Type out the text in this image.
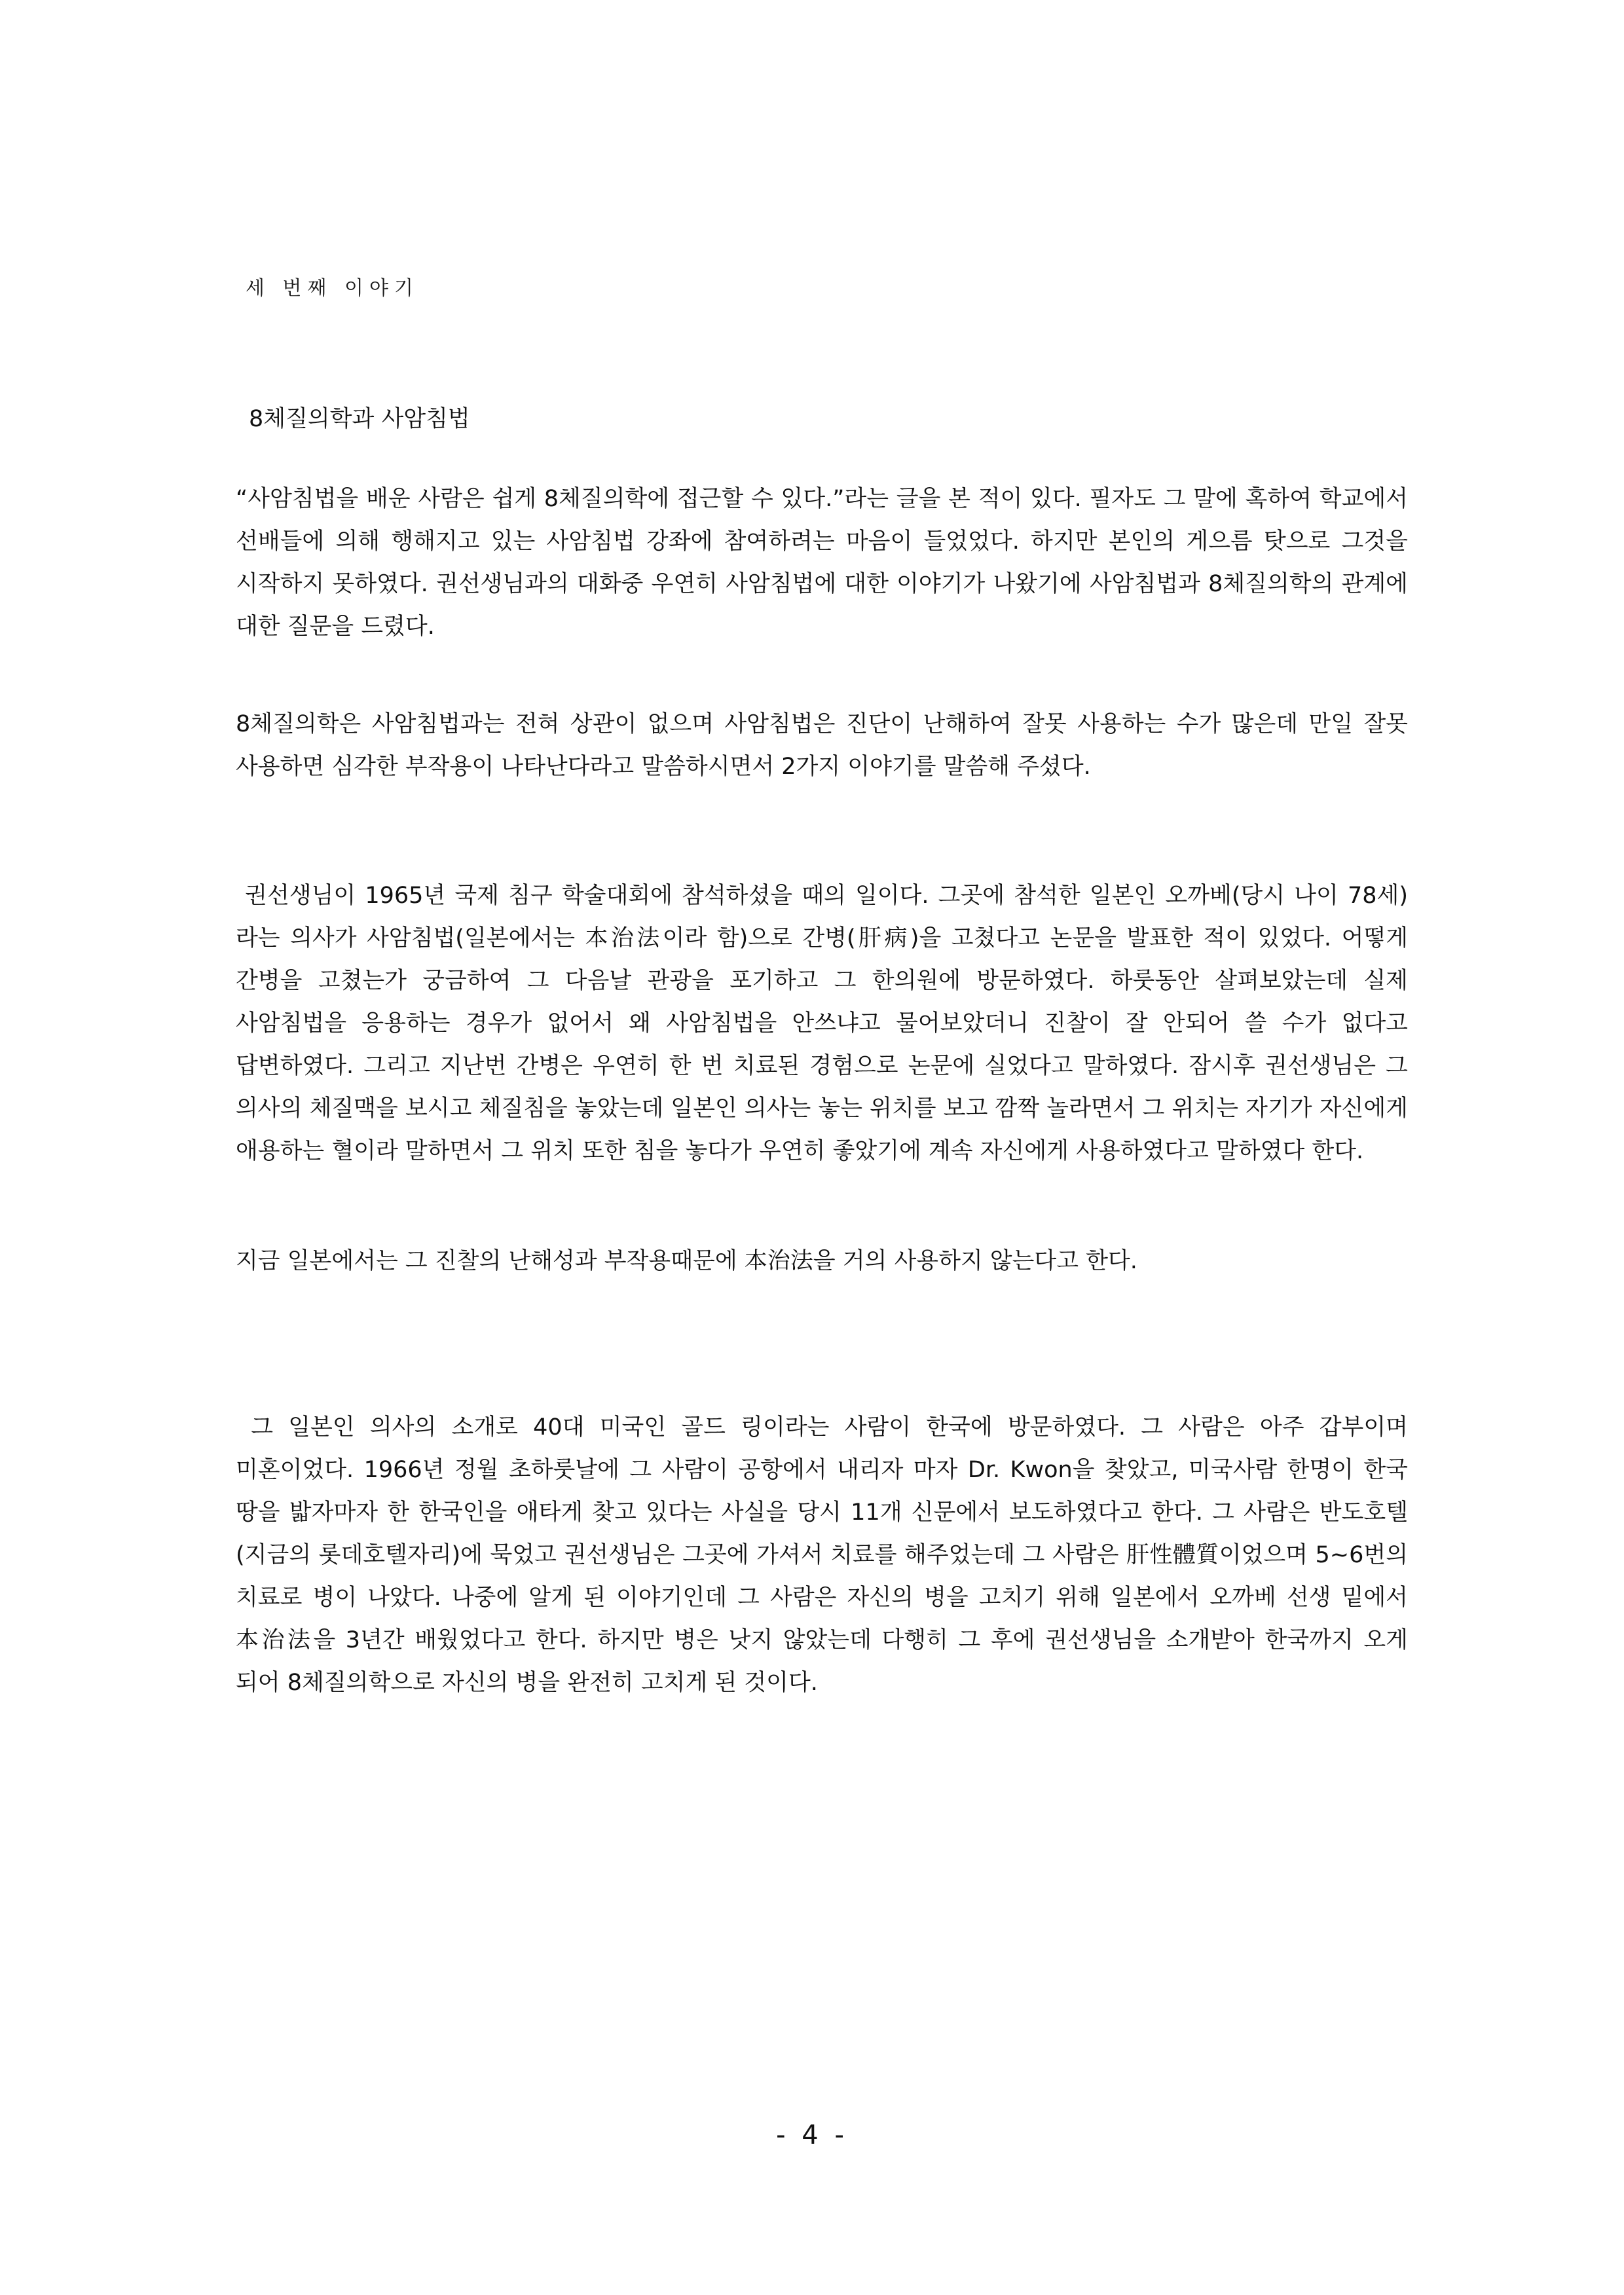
세 번째 이야기
8체질의학과 사암침법

“사암침법을 배운 사람은 쉽게 8체질의학에 접근할 수 있다.”라는 글을 본 적이 있다. 필자도 그 말에 혹하여 학교에서 선배들에 의해 행해지고 있는 사암침법 강좌에 참여하려는 마음이 들었었다. 하지만 본인의 게으름 탓으로 그것을 시작하지 못하였다. 권선생님과의 대화중 우연히 사암침법에 대한 이야기가 나왔기에 사암침법과 8체질의학의 관계에 대한 질문을 드렸다.

8체질의학은 사암침법과는 전혀 상관이 없으며 사암침법은 진단이 난해하여 잘못 사용하는 수가 많은데 만일 잘못 사용하면 심각한 부작용이 나타난다라고 말씀하시면서 2가지 이야기를 말씀해 주셨다.

권선생님이 1965년 국제 침구 학술대회에 참석하셨을 때의 일이다. 그곳에 참석한 일본인 오까베(당시 나이 78세)라는 의사가 사암침법(일본에서는 本治法이라 함)으로 간병(肝病)을 고쳤다고 논문을 발표한 적이 있었다. 어떻게 간병을 고쳤는가 궁금하여 그 다음날 관광을 포기하고 그 한의원에 방문하였다. 하룻동안 살펴보았는데 실제 사암침법을 응용하는 경우가 없어서 왜 사암침법을 안쓰냐고 물어보았더니 진찰이 잘 안되어 쓸 수가 없다고 답변하였다. 그리고 지난번 간병은 우연히 한 번 치료된 경험으로 논문에 실었다고 말하였다. 잠시후 권선생님은 그 의사의 체질맥을 보시고 체질침을 놓았는데 일본인 의사는 놓는 위치를 보고 깜짝 놀라면서 그 위치는 자기가 자신에게 애용하는 혈이라 말하면서 그 위치 또한 침을 놓다가 우연히 좋았기에 계속 자신에게 사용하였다고 말하였다 한다.

지금 일본에서는 그 진찰의 난해성과 부작용때문에 本治法을 거의 사용하지 않는다고 한다.

그 일본인 의사의 소개로 40대 미국인 골드 링이라는 사람이 한국에 방문하였다. 그 사람은 아주 갑부이며 미혼이었다. 1966년 정월 초하룻날에 그 사람이 공항에서 내리자 마자 Dr. Kwon을 찾았고, 미국사람 한명이 한국 땅을 밟자마자 한 한국인을 애타게 찾고 있다는 사실을 당시 11개 신문에서 보도하였다고 한다. 그 사람은 반도호텔(지금의 롯데호텔자리)에 묵었고 권선생님은 그곳에 가셔서 치료를 해주었는데 그 사람은 肝性體質이었으며 5~6번의 치료로 병이 나았다. 나중에 알게 된 이야기인데 그 사람은 자신의 병을 고치기 위해 일본에서 오까베 선생 밑에서 本治法을 3년간 배웠었다고 한다. 하지만 병은 낫지 않았는데 다행히 그 후에 권선생님을 소개받아 한국까지 오게 되어 8체질의학으로 자신의 병을 완전히 고치게 된 것이다.

- 4 -
